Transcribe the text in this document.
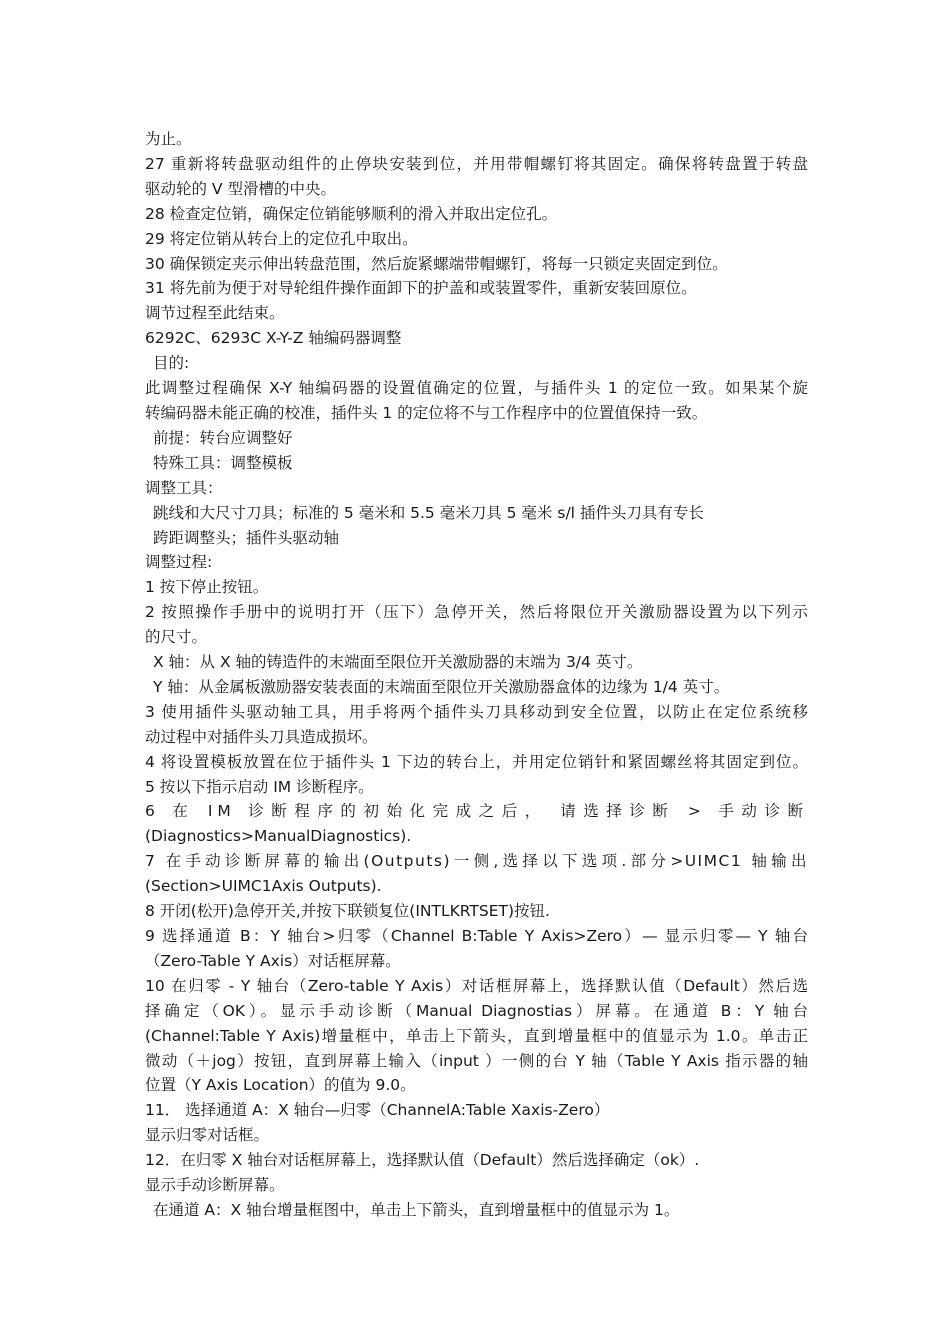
为止。

27 重新将转盘驱动组件的止停块安装到位，并用带帽螺钉将其固定。确保将转盘置于转盘

驱动轮的 V 型滑槽的中央。

28 检查定位销，确保定位销能够顺利的滑入并取出定位孔。

29 将定位销从转台上的定位孔中取出。

30 确保锁定夹示伸出转盘范围，然后旋紧螺端带帽螺钉，将每一只锁定夹固定到位。

31 将先前为便于对导轮组件操作面卸下的护盖和或装置零件，重新安装回原位。

调节过程至此结束。

6292C、6293C X-Y-Z 轴编码器调整

目的:

此调整过程确保 X-Y 轴编码器的设置值确定的位置，与插件头 1 的定位一致。如果某个旋

转编码器未能正确的校准，插件头 1 的定位将不与工作程序中的位置值保持一致。

前提：转台应调整好

特殊工具：调整模板

调整工具：

跳线和大尺寸刀具；标准的 5 毫米和 5.5 毫米刀具 5 毫米 s/l 插件头刀具有专长

跨距调整头；插件头驱动轴

调整过程:

1 按下停止按钮。

2 按照操作手册中的说明打开（压下）急停开关，然后将限位开关激励器设置为以下列示

的尺寸。

X 轴：从 X 轴的铸造件的末端面至限位开关激励器的末端为 3/4 英寸。

Y 轴：从金属板激励器安装表面的末端面至限位开关激励器盒体的边缘为 1/4 英寸。

3 使用插件头驱动轴工具，用手将两个插件头刀具移动到安全位置，以防止在定位系统移

动过程中对插件头刀具造成损坏。

4 将设置模板放置在位于插件头 1 下边的转台上，并用定位销针和紧固螺丝将其固定到位。

5 按以下指示启动 IM 诊断程序。

6 在 IM 诊断程序的初始化完成之后， 请选择诊断 > 手动诊断

(Diagnostics>ManualDiagnostics).

7 在手动诊断屏幕的输出(Outputs)一侧,选择以下选项.部分>UIMC1 轴输出

(Section>UIMC1Axis Outputs).

8 开闭(松开)急停开关,并按下联锁复位(INTLKRTSET)按钮.

9 选择通道 B：Y 轴台>归零（Channel B:Table Y Axis>Zero）— 显示归零— Y 轴台

（Zero-Table Y Axis）对话框屏幕。

10 在归零 - Y 轴台（Zero-table Y Axis）对话框屏幕上，选择默认值（Default）然后选

择确定（OK）。显示手动诊断（Manual Diagnostias）屏幕。在通道 B：Y 轴台

(Channel:Table Y Axis)增量框中，单击上下箭头，直到增量框中的值显示为 1.0。单击正

微动（＋jog）按钮，直到屏幕上输入（input ）一侧的台 Y 轴（Table Y Axis 指示器的轴

位置（Y Axis Location）的值为 9.0。

11． 选择通道 A：X 轴台—归零（ChannelA:Table Xaxis-Zero）

显示归零对话框。

12．在归零 X 轴台对话框屏幕上，选择默认值（Default）然后选择确定（ok）.

显示手动诊断屏幕。

在通道 A：X 轴台增量框图中，单击上下箭头，直到增量框中的值显示为 1。
